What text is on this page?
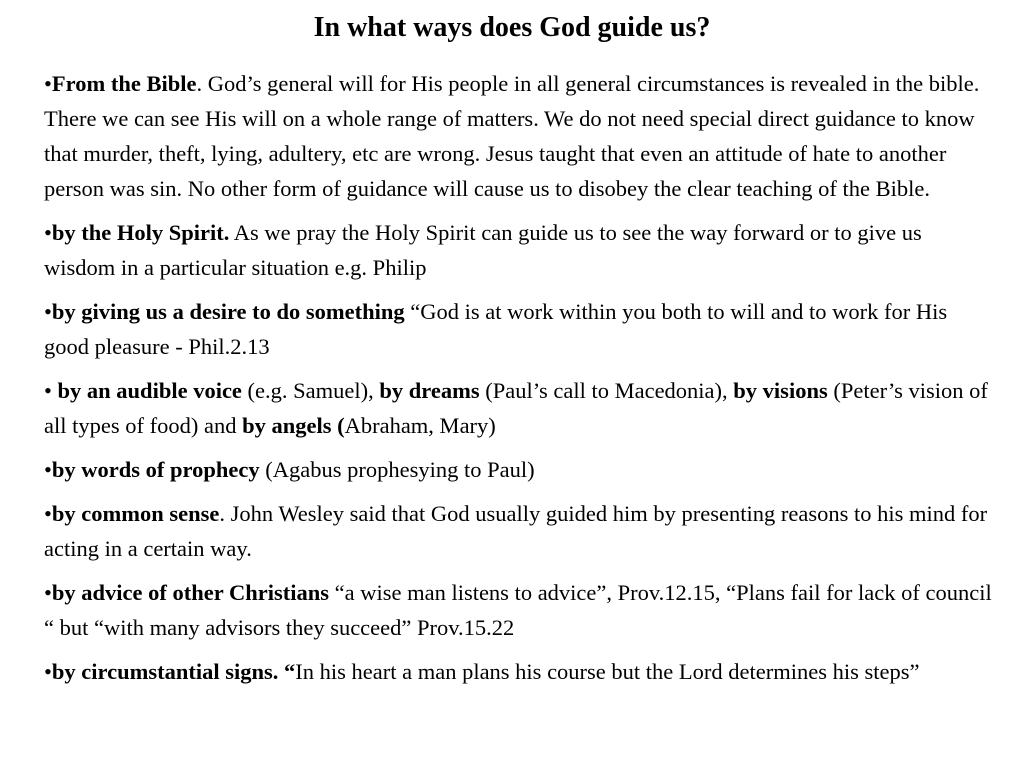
In what ways does God guide us?

•From the Bible. God’s general will for His people in all general circumstances is revealed in the bible. There we can see His will on a whole range of matters. We do not need special direct guidance to know that murder, theft, lying, adultery, etc are wrong. Jesus taught that even an attitude of hate to another person was sin. No other form of guidance will cause us to disobey the clear teaching of the Bible.

•by the Holy Spirit. As we pray the Holy Spirit can guide us to see the way forward or to give us wisdom in a particular situation e.g. Philip

•by giving us a desire to do something “God is at work within you both to will and to work for His good pleasure - Phil.2.13

• by an audible voice (e.g. Samuel), by dreams (Paul’s call to Macedonia), by visions (Peter’s vision of all types of food) and by angels (Abraham, Mary)

•by words of prophecy (Agabus prophesying to Paul)

•by common sense. John Wesley said that God usually guided him by presenting reasons to his mind for acting in a certain way.

•by advice of other Christians “a wise man listens to advice”, Prov.12.15, “Plans fail for lack of council “ but “with many advisors they succeed” Prov.15.22

•by circumstantial signs. “In his heart a man plans his course but the Lord determines his steps”
